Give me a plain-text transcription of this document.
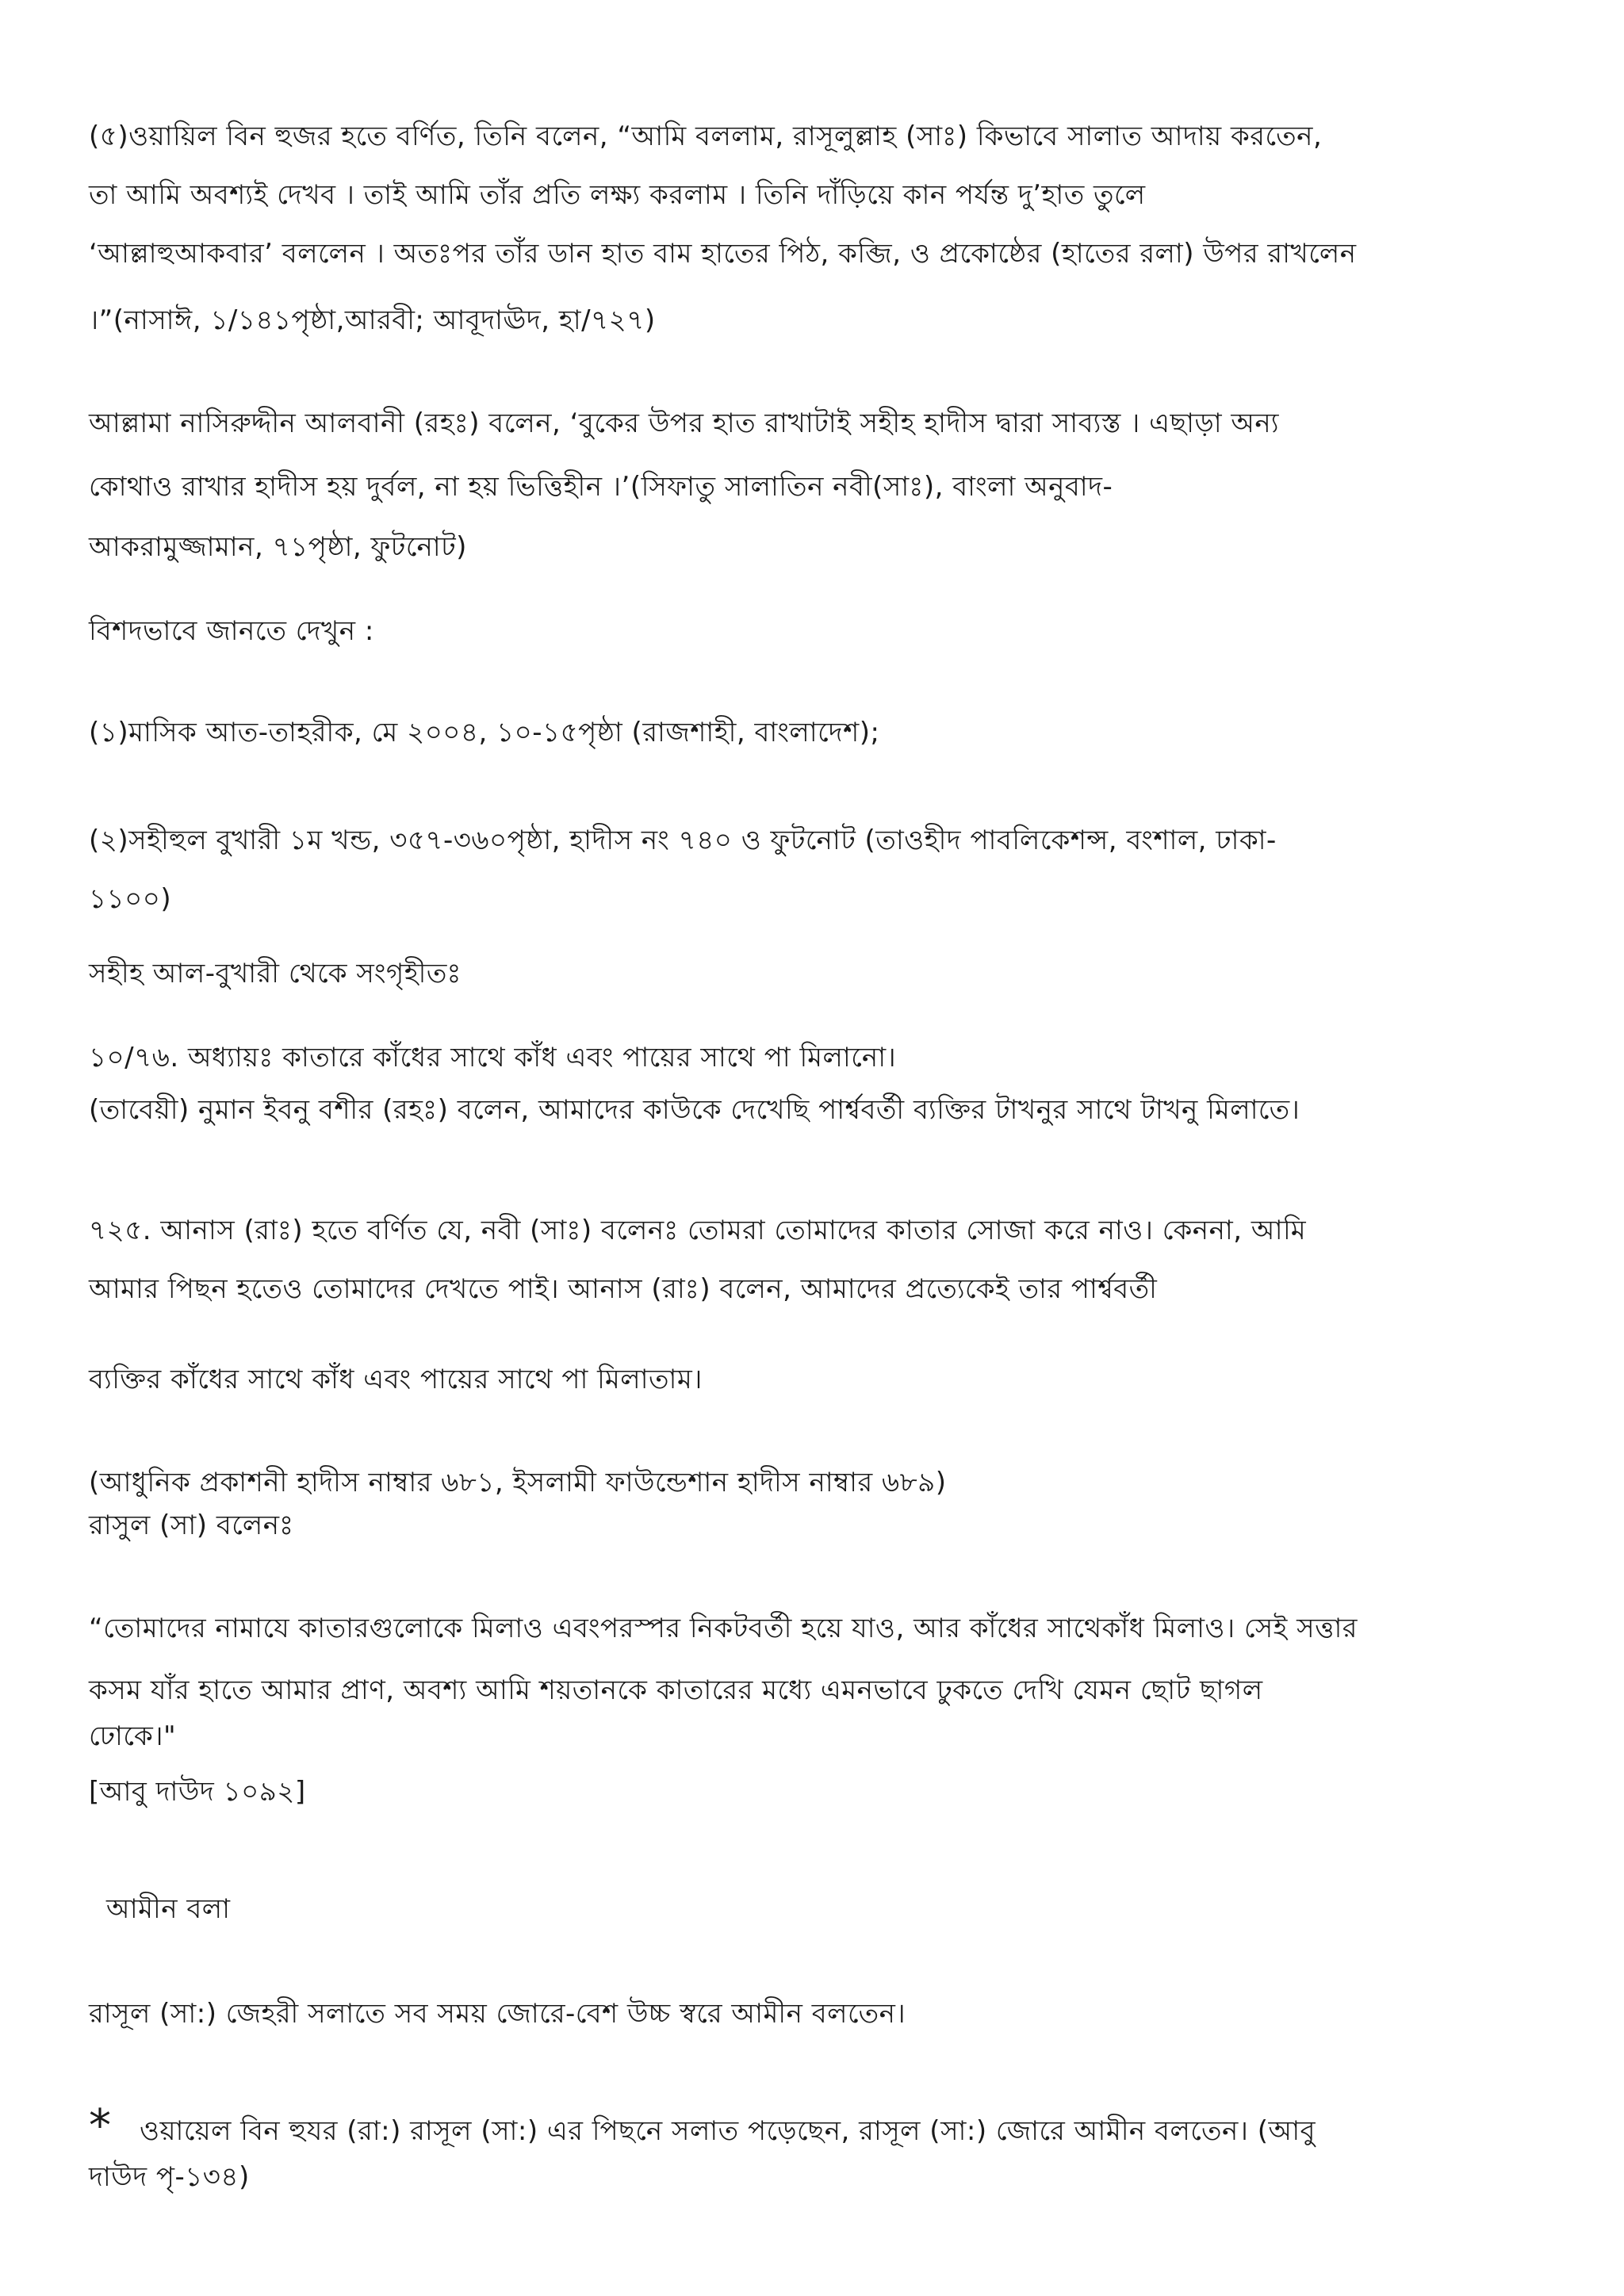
(৫)ওয়ায়িল বিন হুজর হতে বর্ণিত, তিনি বলেন, “আমি বললাম, রাসূলুল্লাহ (সাঃ) কিভাবে সালাত আদায় করতেন,
তা আমি অবশ্যই দেখব । তাই আমি তাঁর প্রতি লক্ষ্য করলাম । তিনি দাঁড়িয়ে কান পর্যন্ত দু’হাত তুলে
‘আল্লাহুআকবার’ বললেন । অতঃপর তাঁর ডান হাত বাম হাতের পিঠ, কব্জি, ও প্রকোষ্ঠের (হাতের রলা) উপর রাখলেন
।”(নাসাঈ, ১/১৪১পৃষ্ঠা,আরবী; আবূদাঊদ, হা/৭২৭)
আল্লামা নাসিরুদ্দীন আলবানী (রহঃ) বলেন, ‘বুকের উপর হাত রাখাটাই সহীহ হাদীস দ্বারা সাব্যস্ত । এছাড়া অন্য
কোথাও রাখার হাদীস হয় দুর্বল, না হয় ভিত্তিহীন ।’(সিফাতু সালাতিন নবী(সাঃ), বাংলা অনুবাদ-
আকরামুজ্জামান, ৭১পৃষ্ঠা, ফুটনোট)
বিশদভাবে জানতে দেখুন :
(১)মাসিক আত-তাহরীক, মে ২০০৪, ১০-১৫পৃষ্ঠা (রাজশাহী, বাংলাদেশ);
(২)সহীহুল বুখারী ১ম খন্ড, ৩৫৭-৩৬০পৃষ্ঠা, হাদীস নং ৭৪০ ও ফুটনোট (তাওহীদ পাবলিকেশন্স, বংশাল, ঢাকা-
১১০০)
সহীহ আল-বুখারী থেকে সংগৃহীতঃ
১০/৭৬. অধ্যায়ঃ কাতারে কাঁধের সাথে কাঁধ এবং পায়ের সাথে পা মিলানো।
(তাবেয়ী) নুমান ইবনু বশীর (রহঃ) বলেন, আমাদের কাউকে দেখেছি পার্শ্ববর্তী ব্যক্তির টাখনুর সাথে টাখনু মিলাতে।
৭২৫. আনাস (রাঃ) হতে বর্ণিত যে, নবী (সাঃ) বলেনঃ তোমরা তোমাদের কাতার সোজা করে নাও। কেননা, আমি
আমার পিছন হতেও তোমাদের দেখতে পাই। আনাস (রাঃ) বলেন, আমাদের প্রত্যেকেই তার পার্শ্ববর্তী
ব্যক্তির কাঁধের সাথে কাঁধ এবং পায়ের সাথে পা মিলাতাম।
(আধুনিক প্রকাশনী হাদীস নাম্বার ৬৮১, ইসলামী ফাউন্ডেশান হাদীস নাম্বার ৬৮৯)
রাসুল (সা) বলেনঃ
“তোমাদের নামাযে কাতারগুলোকে মিলাও এবংপরস্পর নিকটবর্তী হয়ে যাও, আর কাঁধের সাথেকাঁধ মিলাও। সেই সত্তার
কসম যাঁর হাতে আমার প্রাণ, অবশ্য আমি শয়তানকে কাতারের মধ্যে এমনভাবে ঢুকতে দেখি যেমন ছোট ছাগল
ঢোকে।"
[আবু দাউদ ১০৯২]
আমীন বলা
রাসূল (সা:) জেহরী সলাতে সব সময় জোরে-বেশ উচ্চ স্বরে আমীন বলতেন।
* ওয়ায়েল বিন হুযর (রা:) রাসূল (সা:) এর পিছনে সলাত পড়েছেন, রাসূল (সা:) জোরে আমীন বলতেন। (আবু
দাউদ পৃ-১৩৪)
